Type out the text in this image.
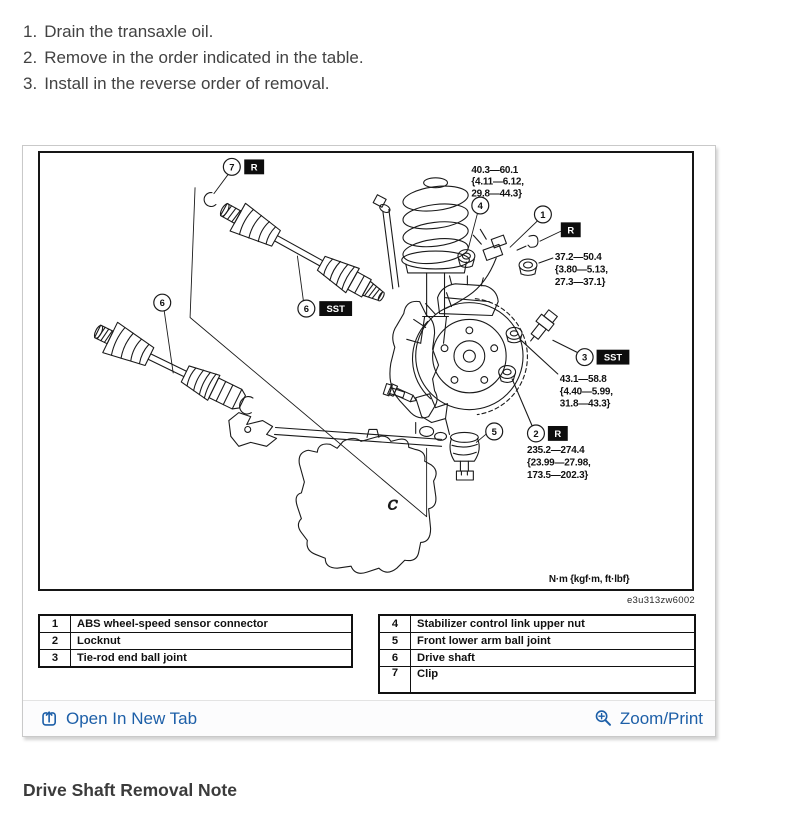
1. Drain the transaxle oil.
2. Remove in the order indicated in the table.
3. Install in the reverse order of removal.
C
7 R
4
1
R
6 SST
6
3 SST
2 R
5
40.3—60.1
{4.11—6.12,
29.8—44.3}
37.2—50.4
{3.80—5.13,
27.3—37.1}
43.1—58.8
{4.40—5.99,
31.8—43.3}
235.2—274.4
{23.99—27.98,
173.5—202.3}
N·m {kgf·m, ft·lbf}
e3u313zw6002
1	ABS wheel-speed sensor connector
2	Locknut
3	Tie-rod end ball joint
4	Stabilizer control link upper nut
5	Front lower arm ball joint
6	Drive shaft
7	Clip
Open In New Tab	Zoom/Print
Drive Shaft Removal Note
